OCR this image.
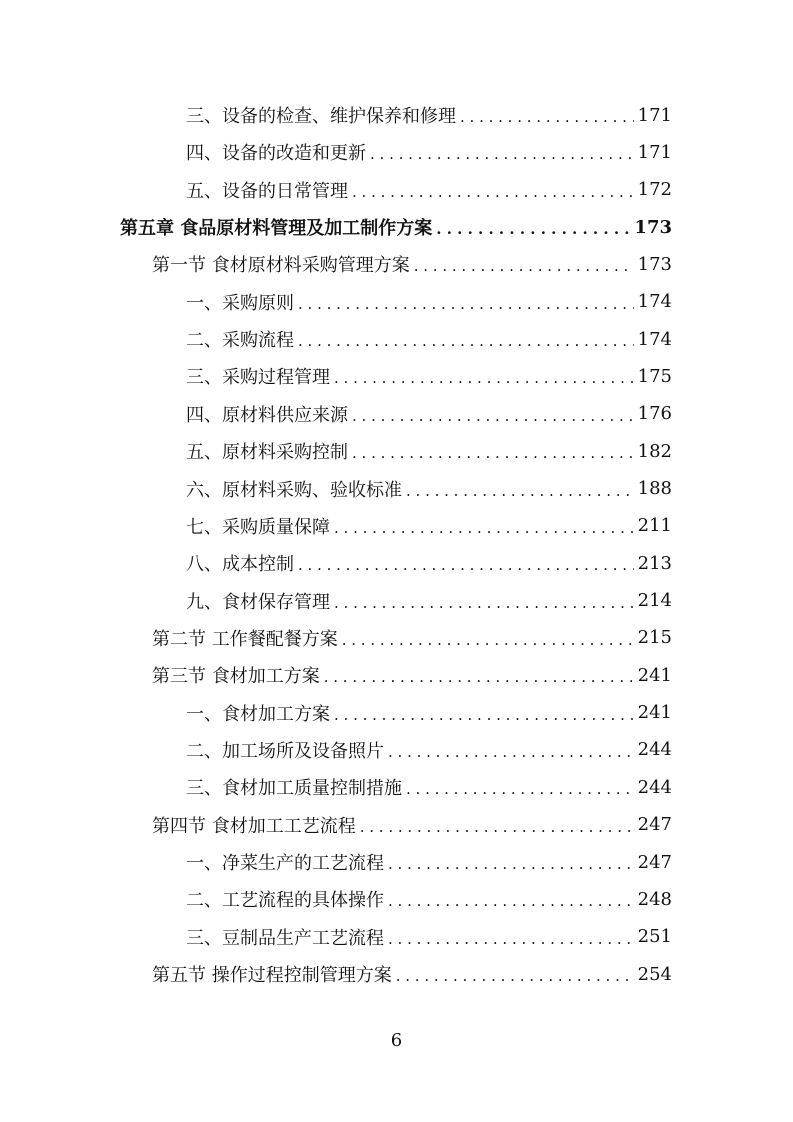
三、设备的检查、维护保养和修理 . . .	171
四、设备的改造和更新 . . .	171
五、设备的日常管理 . . .	172
第五章 食品原材料管理及加工制作方案 . . .	173
第一节 食材原材料采购管理方案 . . .	173
一、采购原则 . . .	174
二、采购流程 . . .	174
三、采购过程管理 . . .	175
四、原材料供应来源 . . .	176
五、原材料采购控制 . . .	182
六、原材料采购、验收标准 . . .	188
七、采购质量保障 . . .	211
八、成本控制 . . .	213
九、食材保存管理 . . .	214
第二节 工作餐配餐方案 . . .	215
第三节 食材加工方案 . . .	241
一、食材加工方案 . . .	241
二、加工场所及设备照片 . . .	244
三、食材加工质量控制措施 . . .	244
第四节 食材加工工艺流程 . . .	247
一、净菜生产的工艺流程 . . .	247
二、工艺流程的具体操作 . . .	248
三、豆制品生产工艺流程 . . .	251
第五节 操作过程控制管理方案 . . .	254
6
